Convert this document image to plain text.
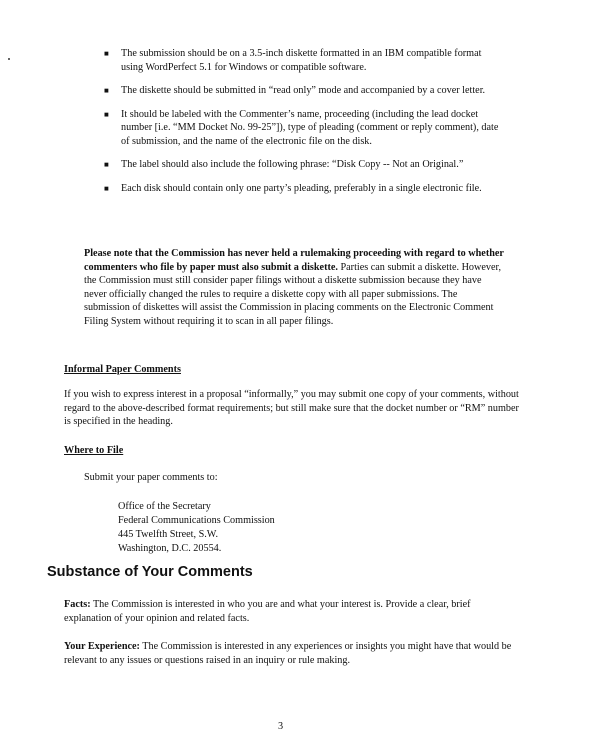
■ The submission should be on a 3.5-inch diskette formatted in an IBM compatible format using WordPerfect 5.1 for Windows or compatible software.
■ The diskette should be submitted in “read only” mode and accompanied by a cover letter.
■ It should be labeled with the Commenter’s name, proceeding (including the lead docket number [i.e. “MM Docket No. 99-25”]), type of pleading (comment or reply comment), date of submission, and the name of the electronic file on the disk.
■ The label should also include the following phrase: “Disk Copy -- Not an Original.”
■ Each disk should contain only one party’s pleading, preferably in a single electronic file.
Please note that the Commission has never held a rulemaking proceeding with regard to whether commenters who file by paper must also submit a diskette. Parties can submit a diskette. However, the Commission must still consider paper filings without a diskette submission because they have never officially changed the rules to require a diskette copy with all paper submissions. The submission of diskettes will assist the Commission in placing comments on the Electronic Comment Filing System without requiring it to scan in all paper filings.
Informal Paper Comments
If you wish to express interest in a proposal “informally,” you may submit one copy of your comments, without regard to the above-described format requirements; but still make sure that the docket number or “RM” number is specified in the heading.
Where to File
Submit your paper comments to:
Office of the Secretary
Federal Communications Commission
445 Twelfth Street, S.W.
Washington, D.C. 20554.
Substance of Your Comments
Facts: The Commission is interested in who you are and what your interest is. Provide a clear, brief explanation of your opinion and related facts.
Your Experience: The Commission is interested in any experiences or insights you might have that would be relevant to any issues or questions raised in an inquiry or rule making.
3
